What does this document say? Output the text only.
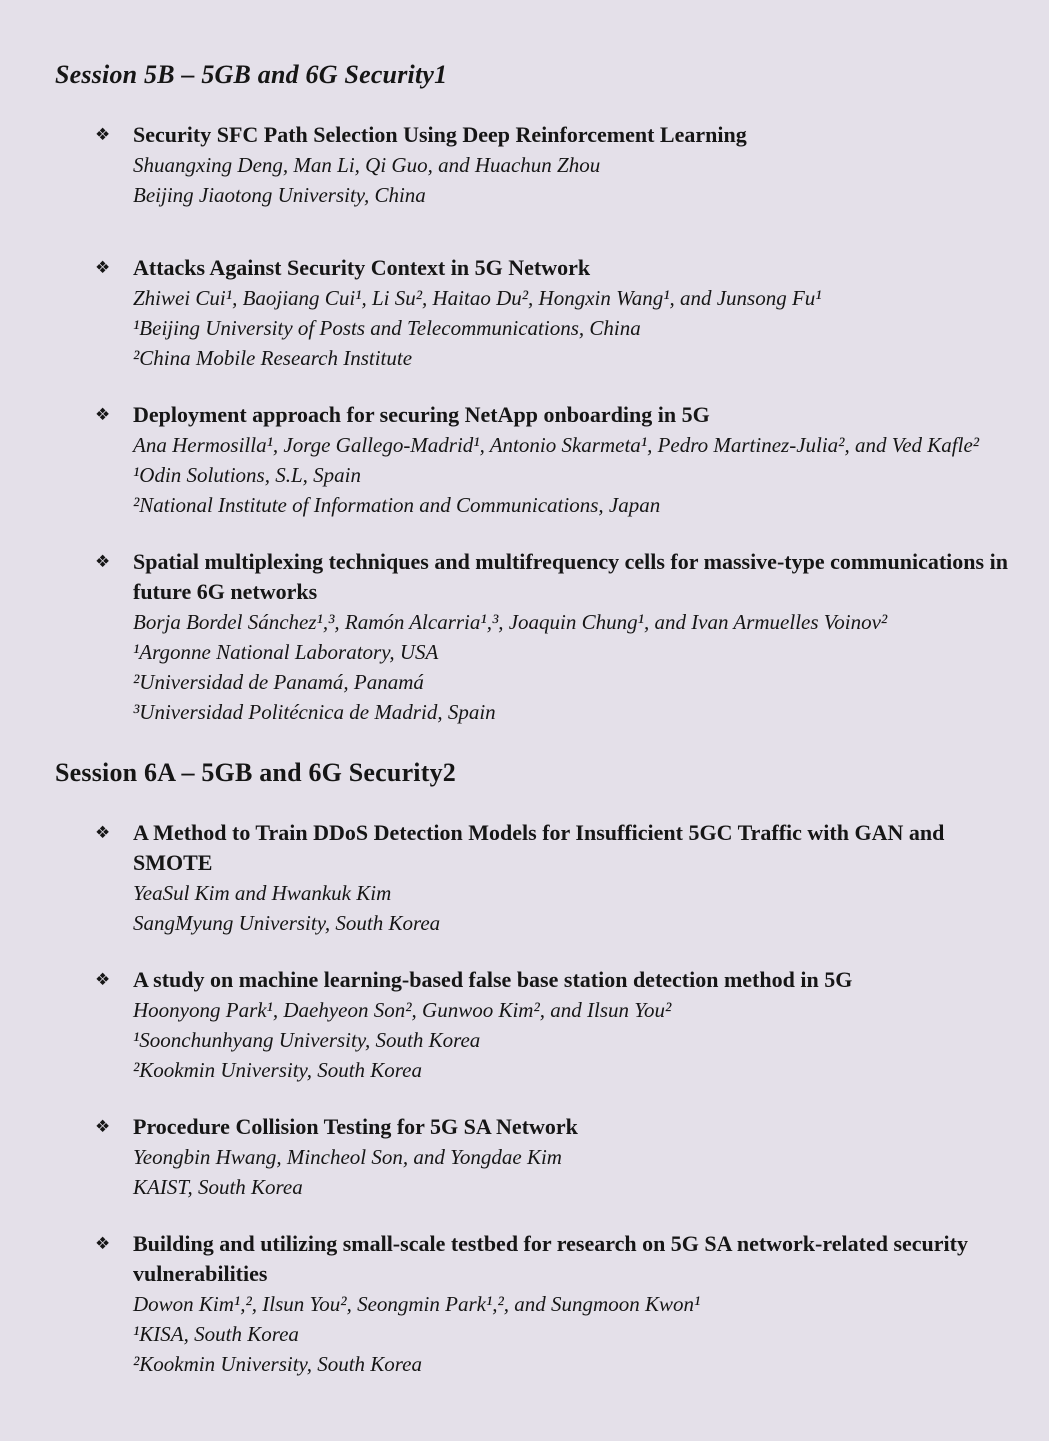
Session 5B – 5GB and 6G Security1
❖	Security SFC Path Selection Using Deep Reinforcement Learning
Shuangxing Deng, Man Li, Qi Guo, and Huachun Zhou
Beijing Jiaotong University, China
❖	Attacks Against Security Context in 5G Network
Zhiwei Cui¹, Baojiang Cui¹, Li Su², Haitao Du², Hongxin Wang¹, and Junsong Fu¹
¹Beijing University of Posts and Telecommunications, China
²China Mobile Research Institute
❖	Deployment approach for securing NetApp onboarding in 5G
Ana Hermosilla¹, Jorge Gallego-Madrid¹, Antonio Skarmeta¹, Pedro Martinez-Julia², and Ved Kafle²
¹Odin Solutions, S.L, Spain
²National Institute of Information and Communications, Japan
❖	Spatial multiplexing techniques and multifrequency cells for massive-type communications in future 6G networks
Borja Bordel Sánchez¹,³, Ramón Alcarria¹,³, Joaquin Chung¹, and Ivan Armuelles Voinov²
¹Argonne National Laboratory, USA
²Universidad de Panamá, Panamá
³Universidad Politécnica de Madrid, Spain
Session 6A – 5GB and 6G Security2
❖	A Method to Train DDoS Detection Models for Insufficient 5GC Traffic with GAN and SMOTE
YeaSul Kim and Hwankuk Kim
SangMyung University, South Korea
❖	A study on machine learning-based false base station detection method in 5G
Hoonyong Park¹, Daehyeon Son², Gunwoo Kim², and Ilsun You²
¹Soonchunhyang University, South Korea
²Kookmin University, South Korea
❖	Procedure Collision Testing for 5G SA Network
Yeongbin Hwang, Mincheol Son, and Yongdae Kim
KAIST, South Korea
❖	Building and utilizing small-scale testbed for research on 5G SA network-related security vulnerabilities
Dowon Kim¹,², Ilsun You², Seongmin Park¹,², and Sungmoon Kwon¹
¹KISA, South Korea
²Kookmin University, South Korea
